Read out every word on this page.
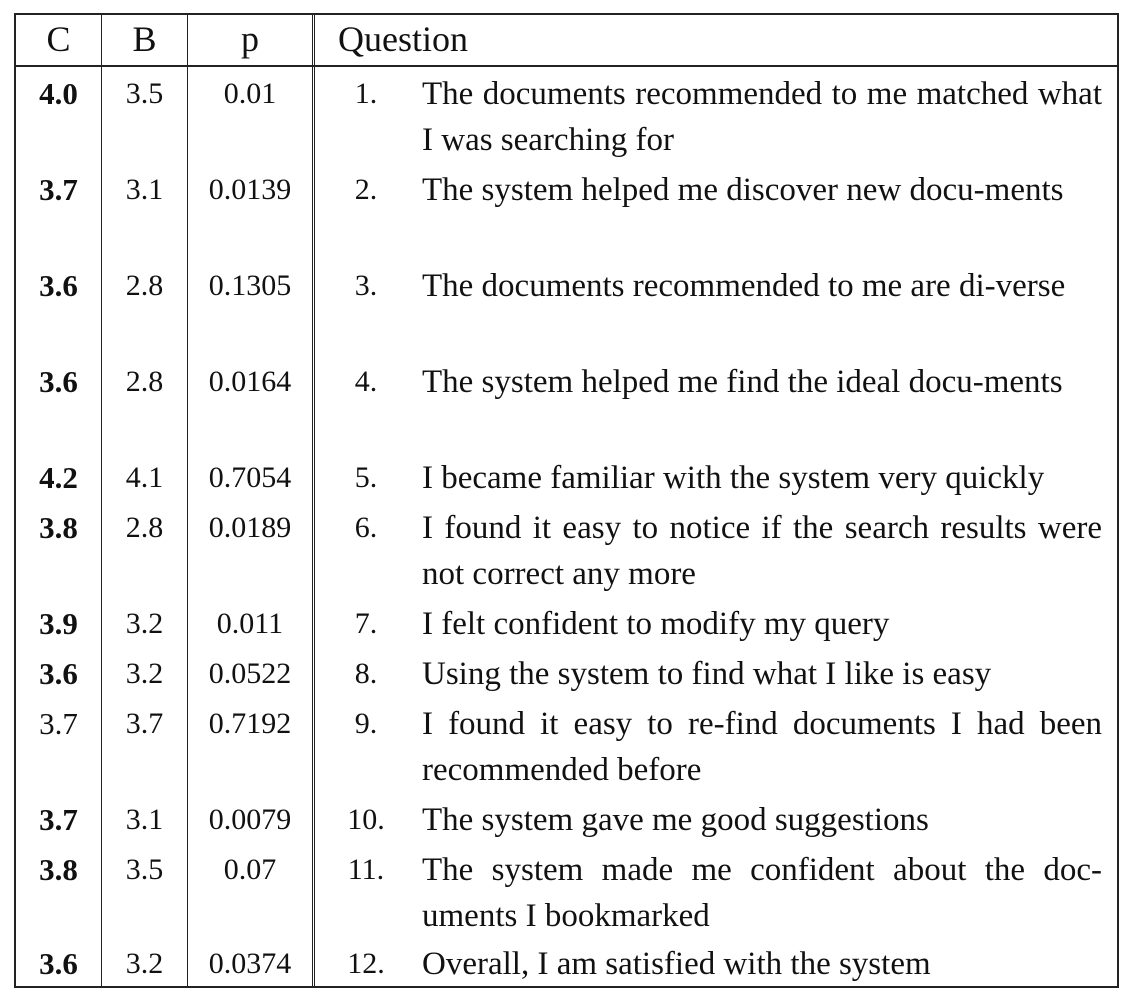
C	B	p	Question
4.0	3.5	0.01	1.	The documents recommended to me matched what I was searching for
3.7	3.1	0.0139	2.	The system helped me discover new docu-ments
3.6	2.8	0.1305	3.	The documents recommended to me are di-verse
3.6	2.8	0.0164	4.	The system helped me find the ideal docu-ments
4.2	4.1	0.7054	5.	I became familiar with the system very quickly
3.8	2.8	0.0189	6.	I found it easy to notice if the search results were not correct any more
3.9	3.2	0.011	7.	I felt confident to modify my query
3.6	3.2	0.0522	8.	Using the system to find what I like is easy
3.7	3.7	0.7192	9.	I found it easy to re-find documents I had been recommended before
3.7	3.1	0.0079	10.	The system gave me good suggestions
3.8	3.5	0.07	11.	The system made me confident about the doc-uments I bookmarked
3.6	3.2	0.0374	12.	Overall, I am satisfied with the system
